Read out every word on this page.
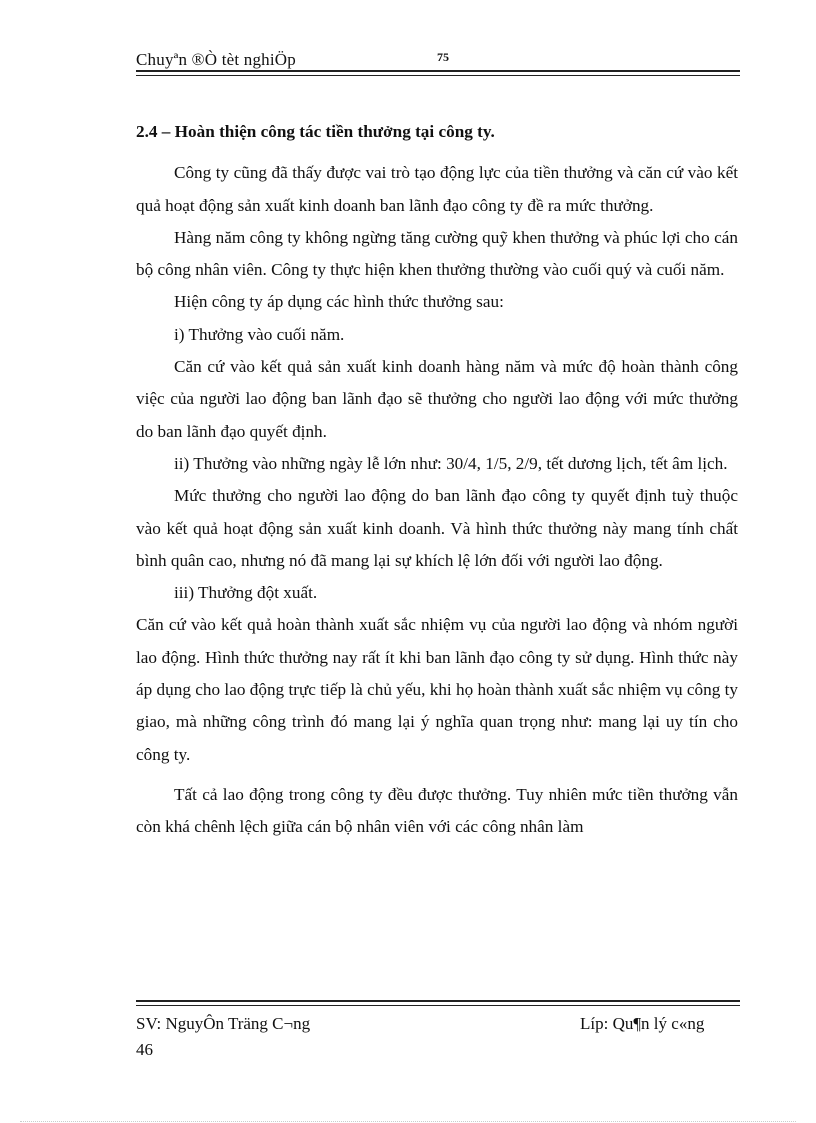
Chuyªn ®Ò tèt nghiÖp	75

2.4 – Hoàn thiện công tác tiền thưởng tại công ty.

Công ty cũng đã thấy được vai trò tạo động lực của tiền thưởng và căn cứ vào kết quả hoạt động sản xuất kinh doanh ban lãnh đạo công ty đề ra mức thưởng.

Hàng năm công ty không ngừng tăng cường quỹ khen thưởng và phúc lợi cho cán bộ công nhân viên. Công ty thực hiện khen thưởng thường vào cuối quý và cuối năm.

Hiện công ty áp dụng các hình thức thưởng sau:

i) Thưởng vào cuối năm.

Căn cứ vào kết quả sản xuất kinh doanh hàng năm và mức độ hoàn thành công việc của người lao động ban lãnh đạo sẽ thưởng cho người lao động với mức thưởng do ban lãnh đạo quyết định.

ii) Thưởng vào những ngày lễ lớn như: 30/4, 1/5, 2/9, tết dương lịch, tết âm lịch.

Mức thưởng cho người lao động do ban lãnh đạo công ty quyết định tuỳ thuộc vào kết quả hoạt động sản xuất kinh doanh. Và hình thức thưởng này mang tính chất bình quân cao, nhưng nó đã mang lại sự khích lệ lớn đối với người lao động.

iii) Thưởng đột xuất.

Căn cứ vào kết quả hoàn thành xuất sắc nhiệm vụ của người lao động và nhóm người lao động. Hình thức thưởng nay rất ít khi ban lãnh đạo công ty sử dụng. Hình thức này áp dụng cho lao động trực tiếp là chủ yếu, khi họ hoàn thành xuất sắc nhiệm vụ công ty giao, mà những công trình đó mang lại ý nghĩa quan trọng như: mang lại uy tín cho công ty.

Tất cả lao động trong công ty đều được thưởng. Tuy nhiên mức tiền thưởng vẫn còn khá chênh lệch giữa cán bộ nhân viên với các công nhân làm

SV: NguyÔn Träng C¬ng	Líp: Qu¶n lý c«ng
46
